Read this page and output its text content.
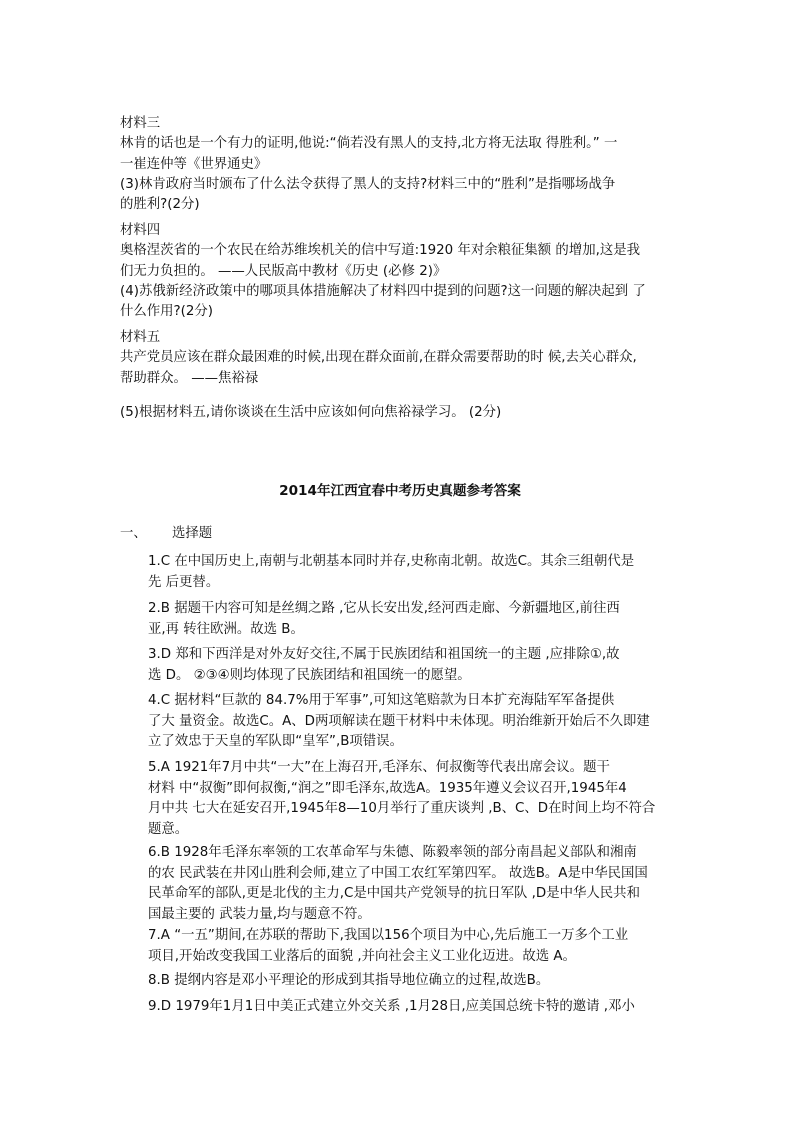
材料三
林肯的话也是一个有力的证明,他说:“倘若没有黑人的支持,北方将无法取 得胜利。” 一
一崔连仲等《世界通史》
(3)林肯政府当时颁布了什么法令获得了黑人的支持?材料三中的“胜利”是指哪场战争
的胜利?(2分)
材料四
奥格涅茨省的一个农民在给苏维埃机关的信中写道:1920 年对余粮征集额 的增加,这是我
们无力负担的。 ——人民版高中教材《历史 (必修 2)》
(4)苏俄新经济政策中的哪项具体措施解决了材料四中提到的问题?这一问题的解决起到 了
什么作用?(2分)
材料五
共产党员应该在群众最困难的时候,出现在群众面前,在群众需要帮助的时 候,去关心群众,
帮助群众。 ——焦裕禄
(5)根据材料五,请你谈谈在生活中应该如何向焦裕禄学习。 (2分)
2014年江西宜春中考历史真题参考答案
一、 选择题
1.C 在中国历史上,南朝与北朝基本同时并存,史称南北朝。故选C。其余三组朝代是
先 后更替。
2.B 据题干内容可知是丝绸之路 ,它从长安出发,经河西走廊、今新疆地区,前往西
亚,再 转往欧洲。故选 B。
3.D 郑和下西洋是对外友好交往,不属于民族团结和祖国统一的主题 ,应排除①,故
选 D。 ②③④则均体现了民族团结和祖国统一的愿望。
4.C 据材料“巨款的 84.7%用于军事”,可知这笔赔款为日本扩充海陆军军备提供
了大 量资金。故选C。A、D两项解读在题干材料中未体现。明治维新开始后不久即建
立了效忠于天皇的军队即“皇军”,B项错误。
5.A 1921年7月中共“一大”在上海召开,毛泽东、何叔衡等代表出席会议。题干
材料 中“叔衡”即何叔衡,“润之”即毛泽东,故选A。1935年遵义会议召开,1945年4
月中共 七大在延安召开,1945年8—10月举行了重庆谈判 ,B、C、D在时间上均不符合
题意。
6.B 1928年毛泽东率领的工农革命军与朱德、陈毅率领的部分南昌起义部队和湘南
的农 民武装在井冈山胜利会师,建立了中国工农红军第四军。 故选B。A是中华民国国
民革命军的部队,更是北伐的主力,C是中国共产党领导的抗日军队 ,D是中华人民共和
国最主要的 武装力量,均与题意不符。
7.A “一五”期间,在苏联的帮助下,我国以156个项目为中心,先后施工一万多个工业
项目,开始改变我国工业落后的面貌 ,并向社会主义工业化迈进。故选 A。
8.B 提纲内容是邓小平理论的形成到其指导地位确立的过程,故选B。
9.D 1979年1月1日中美正式建立外交关系 ,1月28日,应美国总统卡特的邀请 ,邓小
